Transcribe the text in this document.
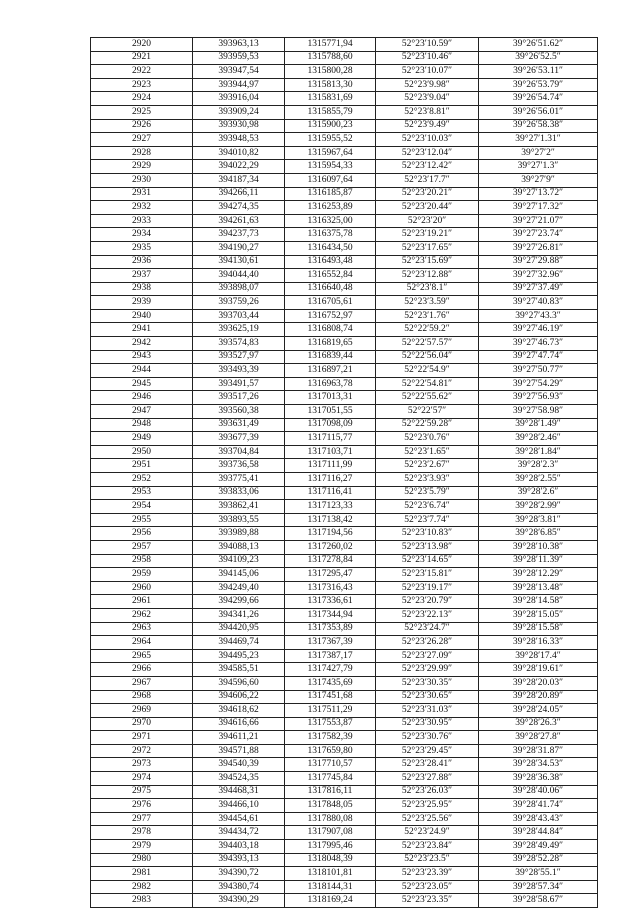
2920	393963,13	1315771,94	52°23′10.59″	39°26′51.62″
2921	393959,53	1315788,60	52°23′10.46″	39°26′52.5″
2922	393947,54	1315800,28	52°23′10.07″	39°26′53.11″
2923	393944,97	1315813,30	52°23′9.98″	39°26′53.79″
2924	393916,04	1315831,69	52°23′9.04″	39°26′54.74″
2925	393909,24	1315855,79	52°23′8.81″	39°26′56.01″
2926	393930,98	1315900,23	52°23′9.49″	39°26′58.38″
2927	393948,53	1315955,52	52°23′10.03″	39°27′1.31″
2928	394010,82	1315967,64	52°23′12.04″	39°27′2″
2929	394022,29	1315954,33	52°23′12.42″	39°27′1.3″
2930	394187,34	1316097,64	52°23′17.7″	39°27′9″
2931	394266,11	1316185,87	52°23′20.21″	39°27′13.72″
2932	394274,35	1316253,89	52°23′20.44″	39°27′17.32″
2933	394261,63	1316325,00	52°23′20″	39°27′21.07″
2934	394237,73	1316375,78	52°23′19.21″	39°27′23.74″
2935	394190,27	1316434,50	52°23′17.65″	39°27′26.81″
2936	394130,61	1316493,48	52°23′15.69″	39°27′29.88″
2937	394044,40	1316552,84	52°23′12.88″	39°27′32.96″
2938	393898,07	1316640,48	52°23′8.1″	39°27′37.49″
2939	393759,26	1316705,61	52°23′3.59″	39°27′40.83″
2940	393703,44	1316752,97	52°23′1.76″	39°27′43.3″
2941	393625,19	1316808,74	52°22′59.2″	39°27′46.19″
2942	393574,83	1316819,65	52°22′57.57″	39°27′46.73″
2943	393527,97	1316839,44	52°22′56.04″	39°27′47.74″
2944	393493,39	1316897,21	52°22′54.9″	39°27′50.77″
2945	393491,57	1316963,78	52°22′54.81″	39°27′54.29″
2946	393517,26	1317013,31	52°22′55.62″	39°27′56.93″
2947	393560,38	1317051,55	52°22′57″	39°27′58.98″
2948	393631,49	1317098,09	52°22′59.28″	39°28′1.49″
2949	393677,39	1317115,77	52°23′0.76″	39°28′2.46″
2950	393704,84	1317103,71	52°23′1.65″	39°28′1.84″
2951	393736,58	1317111,99	52°23′2.67″	39°28′2.3″
2952	393775,41	1317116,27	52°23′3.93″	39°28′2.55″
2953	393833,06	1317116,41	52°23′5.79″	39°28′2.6″
2954	393862,41	1317123,33	52°23′6.74″	39°28′2.99″
2955	393893,55	1317138,42	52°23′7.74″	39°28′3.81″
2956	393989,88	1317194,56	52°23′10.83″	39°28′6.85″
2957	394088,13	1317260,02	52°23′13.98″	39°28′10.38″
2958	394109,23	1317278,84	52°23′14.65″	39°28′11.39″
2959	394145,06	1317295,47	52°23′15.81″	39°28′12.29″
2960	394249,40	1317316,43	52°23′19.17″	39°28′13.48″
2961	394299,66	1317336,61	52°23′20.79″	39°28′14.58″
2962	394341,26	1317344,94	52°23′22.13″	39°28′15.05″
2963	394420,95	1317353,89	52°23′24.7″	39°28′15.58″
2964	394469,74	1317367,39	52°23′26.28″	39°28′16.33″
2965	394495,23	1317387,17	52°23′27.09″	39°28′17.4″
2966	394585,51	1317427,79	52°23′29.99″	39°28′19.61″
2967	394596,60	1317435,69	52°23′30.35″	39°28′20.03″
2968	394606,22	1317451,68	52°23′30.65″	39°28′20.89″
2969	394618,62	1317511,29	52°23′31.03″	39°28′24.05″
2970	394616,66	1317553,87	52°23′30.95″	39°28′26.3″
2971	394611,21	1317582,39	52°23′30.76″	39°28′27.8″
2972	394571,88	1317659,80	52°23′29.45″	39°28′31.87″
2973	394540,39	1317710,57	52°23′28.41″	39°28′34.53″
2974	394524,35	1317745,84	52°23′27.88″	39°28′36.38″
2975	394468,31	1317816,11	52°23′26.03″	39°28′40.06″
2976	394466,10	1317848,05	52°23′25.95″	39°28′41.74″
2977	394454,61	1317880,08	52°23′25.56″	39°28′43.43″
2978	394434,72	1317907,08	52°23′24.9″	39°28′44.84″
2979	394403,18	1317995,46	52°23′23.84″	39°28′49.49″
2980	394393,13	1318048,39	52°23′23.5″	39°28′52.28″
2981	394390,72	1318101,81	52°23′23.39″	39°28′55.1″
2982	394380,74	1318144,31	52°23′23.05″	39°28′57.34″
2983	394390,29	1318169,24	52°23′23.35″	39°28′58.67″
